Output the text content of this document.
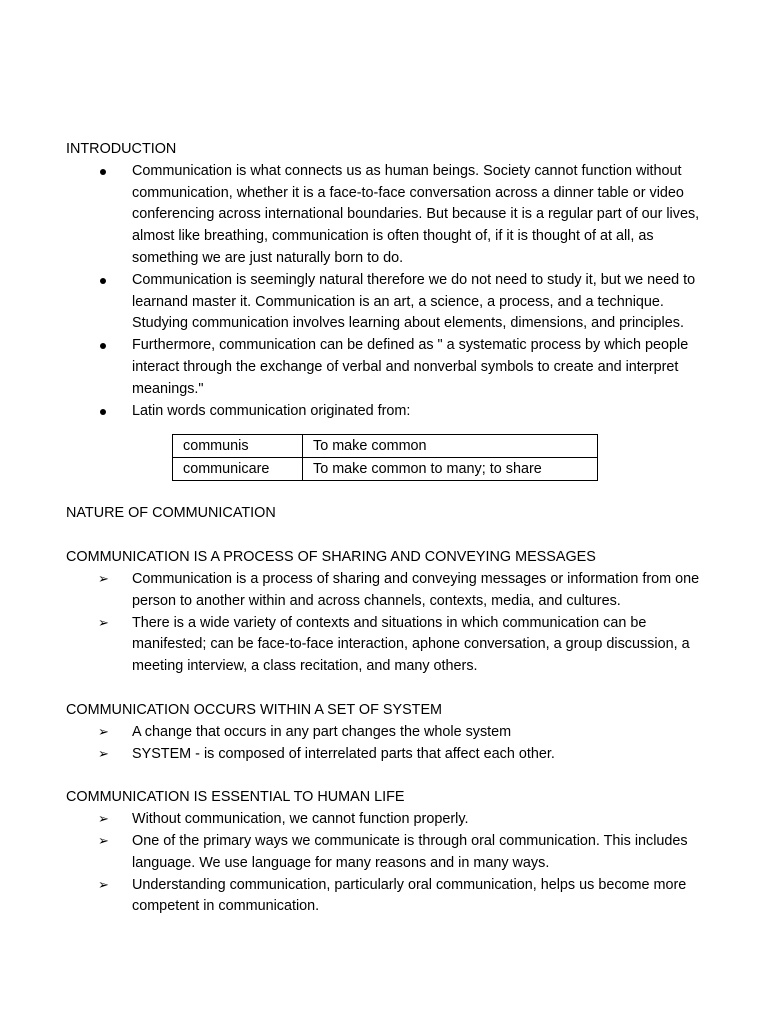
INTRODUCTION

Communication is what connects us as human beings. Society cannot function without communication, whether it is a face-to-face conversation across a dinner table or video conferencing across international boundaries. But because it is a regular part of our lives, almost like breathing, communication is often thought of, if it is thought of at all, as something we are just naturally born to do.
Communication is seemingly natural therefore we do not need to study it, but we need to learnand master it. Communication is an art, a science, a process, and a technique. Studying communication involves learning about elements, dimensions, and principles.
Furthermore, communication can be defined as " a systematic process by which people interact through the exchange of verbal and nonverbal symbols to create and interpret meanings."
Latin words communication originated from:
communis	To make common
communicare	To make common to many; to share

NATURE OF COMMUNICATION

COMMUNICATION IS A PROCESS OF SHARING AND CONVEYING MESSAGES

➢ Communication is a process of sharing and conveying messages or information from one person to another within and across channels, contexts, media, and cultures.
➢ There is a wide variety of contexts and situations in which communication can be manifested; can be face-to-face interaction, aphone conversation, a group discussion, a meeting interview, a class recitation, and many others.

COMMUNICATION OCCURS WITHIN A SET OF SYSTEM

➢ A change that occurs in any part changes the whole system
➢ SYSTEM - is composed of interrelated parts that affect each other.

COMMUNICATION IS ESSENTIAL TO HUMAN LIFE

➢ Without communication, we cannot function properly.
➢ One of the primary ways we communicate is through oral communication. This includes language. We use language for many reasons and in many ways.
➢ Understanding communication, particularly oral communication, helps us become more competent in communication.
